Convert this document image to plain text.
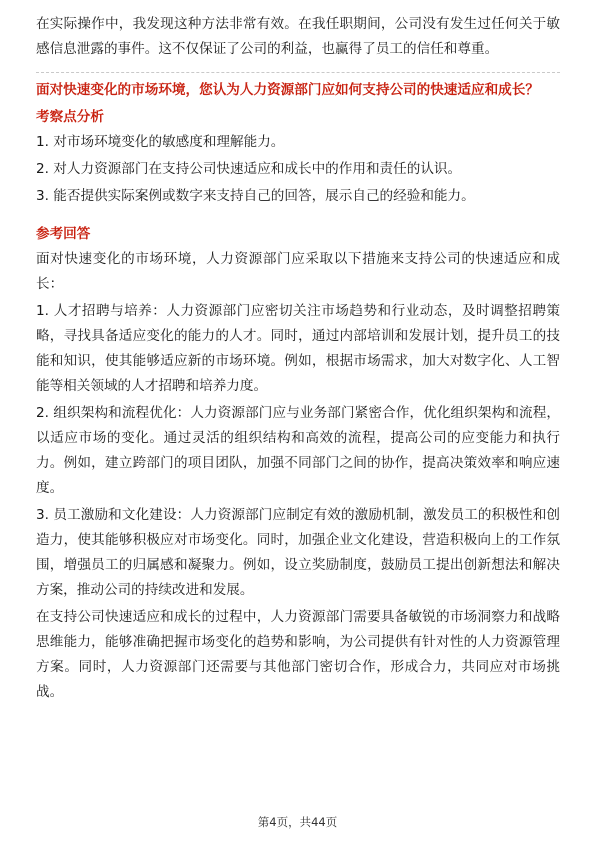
在实际操作中，我发现这种方法非常有效。在我任职期间，公司没有发生过任何关于敏感信息泄露的事件。这不仅保证了公司的利益，也赢得了员工的信任和尊重。

面对快速变化的市场环境，您认为人力资源部门应如何支持公司的快速适应和成长？

考察点分析

1. 对市场环境变化的敏感度和理解能力。

2. 对人力资源部门在支持公司快速适应和成长中的作用和责任的认识。

3. 能否提供实际案例或数字来支持自己的回答，展示自己的经验和能力。

参考回答

面对快速变化的市场环境，人力资源部门应采取以下措施来支持公司的快速适应和成长：

1. 人才招聘与培养：人力资源部门应密切关注市场趋势和行业动态，及时调整招聘策略，寻找具备适应变化的能力的人才。同时，通过内部培训和发展计划，提升员工的技能和知识，使其能够适应新的市场环境。例如，根据市场需求，加大对数字化、人工智能等相关领域的人才招聘和培养力度。

2. 组织架构和流程优化：人力资源部门应与业务部门紧密合作，优化组织架构和流程，以适应市场的变化。通过灵活的组织结构和高效的流程，提高公司的应变能力和执行力。例如，建立跨部门的项目团队，加强不同部门之间的协作，提高决策效率和响应速度。

3. 员工激励和文化建设：人力资源部门应制定有效的激励机制，激发员工的积极性和创造力，使其能够积极应对市场变化。同时，加强企业文化建设，营造积极向上的工作氛围，增强员工的归属感和凝聚力。例如，设立奖励制度，鼓励员工提出创新想法和解决方案，推动公司的持续改进和发展。

在支持公司快速适应和成长的过程中，人力资源部门需要具备敏锐的市场洞察力和战略思维能力，能够准确把握市场变化的趋势和影响，为公司提供有针对性的人力资源管理方案。同时，人力资源部门还需要与其他部门密切合作，形成合力，共同应对市场挑战。

第4页，共44页
